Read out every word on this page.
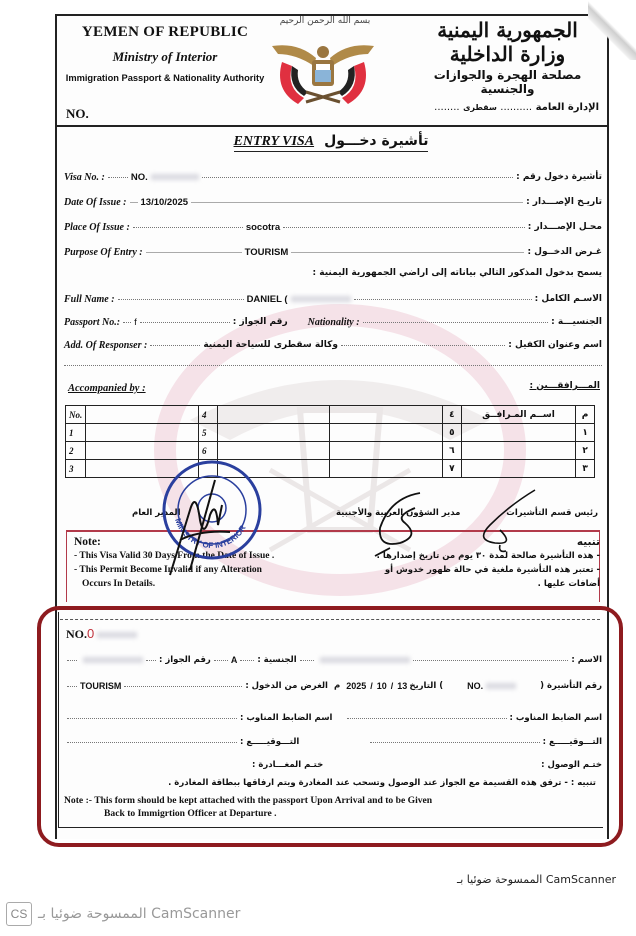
YEMEN OF REPUBLIC
Ministry of Interior
Immigration Passport & Nationality Authority
NO.
بسم الله الرحمن الرحيم	الجمهورية اليمنية
وزارة الداخلية
مصلحة الهجرة والجوازات والجنسية
الإدارة العامة .......... سقطرى ........
ENTRY VISA تأشيرة دخـــول
Visa No. :	NO.	تأشيرة دخول رقم :
Date Of Issue : 13/10/2025	تاريـخ الإصـــدار :
Place Of Issue :	socotra	محـل الإصـــدار :
Purpose Of Entry :	TOURISM	غـرض الدخــول :
يسمح بدخول المذكور التالي بياناته إلى اراضي الجمهورية اليمنية :
Full Name :	DANIEL (	الاسـم الكامل :
Passport No.: f	رقم الجواز : Nationality :	الجنسيـــة :
Add. Of Responser :	وكالة سقطرى للسياحة اليمنية	اسم وعنوان الكفيل :
Accompanied by :	المـــرافقـــين :
No.		4			٤	اســم المـرافــق	م
1		5			٥		١
2		6			٦		٢
3					٧		٣
المدير العام	مدير الشؤون العربية والأجنبية	رئيس قسم التأشيرات
Note:
- This Visa Valid 30 Days From the Date of Issue .
- This Permit Become Invalid if any Alteration
Occurs In Details.
تنبيه
- هذه التأشيرة صالحة لمدة ٣٠ يوم من تاريخ إصدارها .
- تعتبر هذه التأشيرة ملغية في حالة ظهور خدوش أو
أضافات عليها .
MINISTRY OF INTERIOR
NO.0
رقم الجواز : A الجنسية :	الاسم :
TOURISM	الغرض من الدخول : م 2025 / 10 / 13 ) التاريخ	NO.	رقم التأشيرة (
اسم الضابط المناوب :	اسم الضابط المناوب :
التـــوقيـــــع :	التـــوقيـــــع :
ختـم المغـــادرة :	ختـم الوصول :
تنبيه : - ترفق هذه القسيمة مع الجواز عند الوصول وتسحب عند المغادرة ويتم ارفاقها ببطاقة المغادرة .
Note :- This form should be kept attached with the passport Upon Arrival and to be Given
Back to Immigrtion Officer at Departure .
الممسوحة ضوئيا بـ CamScanner
CS الممسوحة ضوئيا بـ CamScanner
